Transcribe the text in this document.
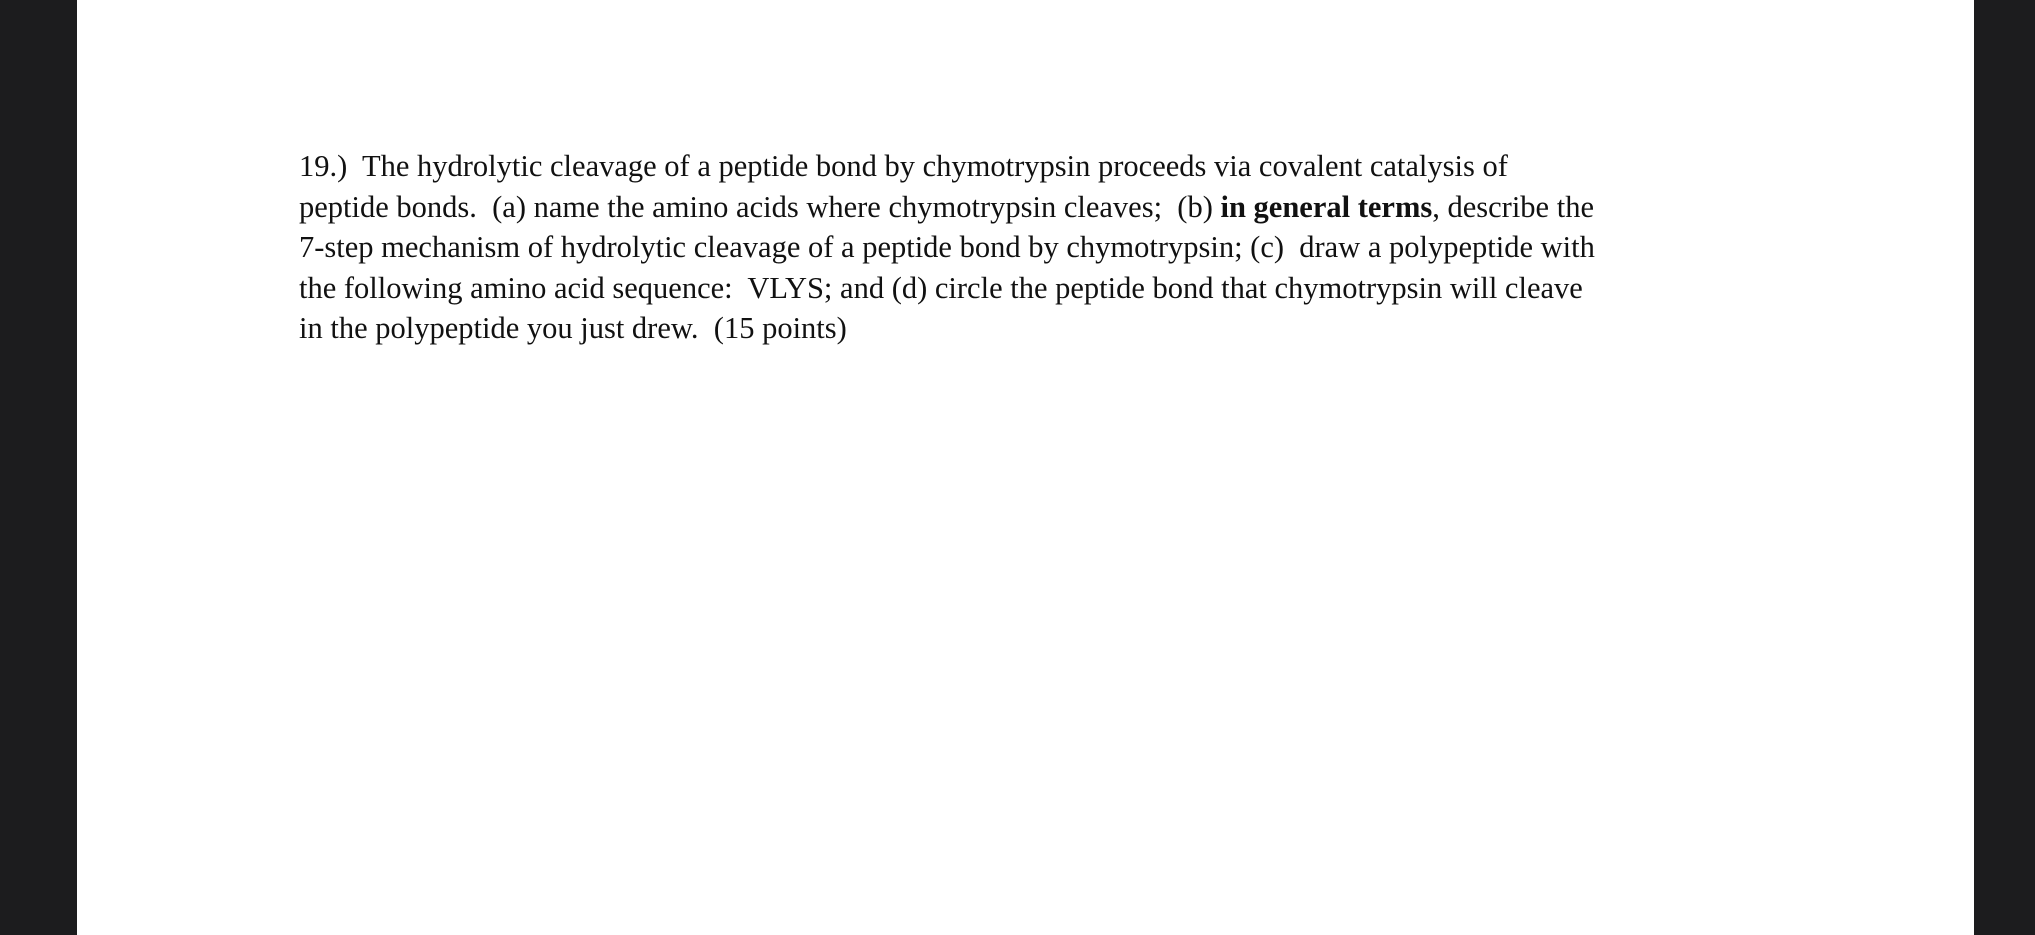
19.)  The hydrolytic cleavage of a peptide bond by chymotrypsin proceeds via covalent catalysis of
peptide bonds.  (a) name the amino acids where chymotrypsin cleaves;  (b) in general terms, describe the
7-step mechanism of hydrolytic cleavage of a peptide bond by chymotrypsin; (c)  draw a polypeptide with
the following amino acid sequence:  VLYS; and (d) circle the peptide bond that chymotrypsin will cleave
in the polypeptide you just drew.  (15 points)
